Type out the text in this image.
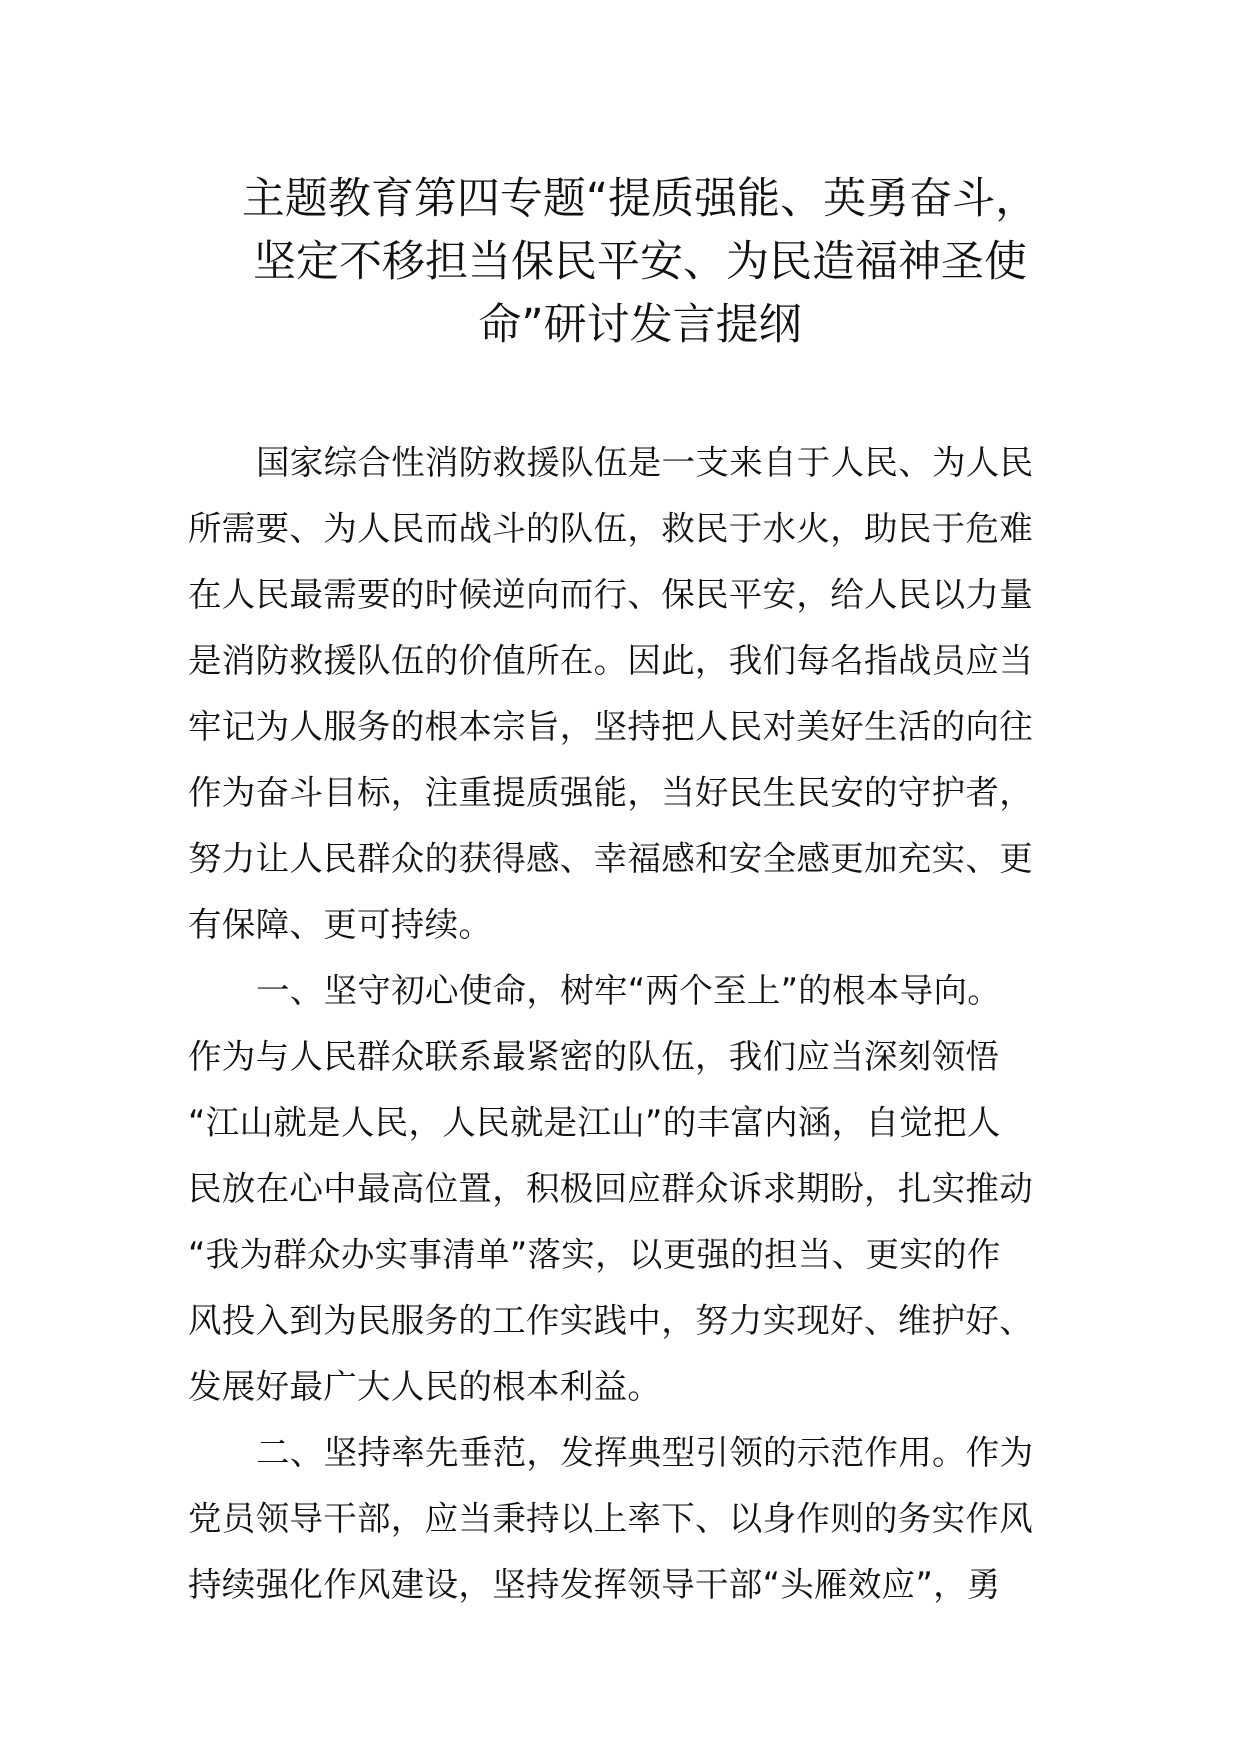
主题教育第四专题“提质强能、英勇奋斗，
坚定不移担当保民平安、为民造福神圣使
命”研讨发言提纲
国家综合性消防救援队伍是一支来自于人民、为人民
所需要、为人民而战斗的队伍，救民于水火，助民于危难
在人民最需要的时候逆向而行、保民平安，给人民以力量
是消防救援队伍的价值所在。因此，我们每名指战员应当
牢记为人服务的根本宗旨，坚持把人民对美好生活的向往
作为奋斗目标，注重提质强能，当好民生民安的守护者，
努力让人民群众的获得感、幸福感和安全感更加充实、更
有保障、更可持续。
一、坚守初心使命，树牢“两个至上”的根本导向。
作为与人民群众联系最紧密的队伍，我们应当深刻领悟
“江山就是人民，人民就是江山”的丰富内涵，自觉把人
民放在心中最高位置，积极回应群众诉求期盼，扎实推动
“我为群众办实事清单”落实，以更强的担当、更实的作
风投入到为民服务的工作实践中，努力实现好、维护好、
发展好最广大人民的根本利益。
二、坚持率先垂范，发挥典型引领的示范作用。作为
党员领导干部，应当秉持以上率下、以身作则的务实作风
持续强化作风建设，坚持发挥领导干部“头雁效应”，勇
